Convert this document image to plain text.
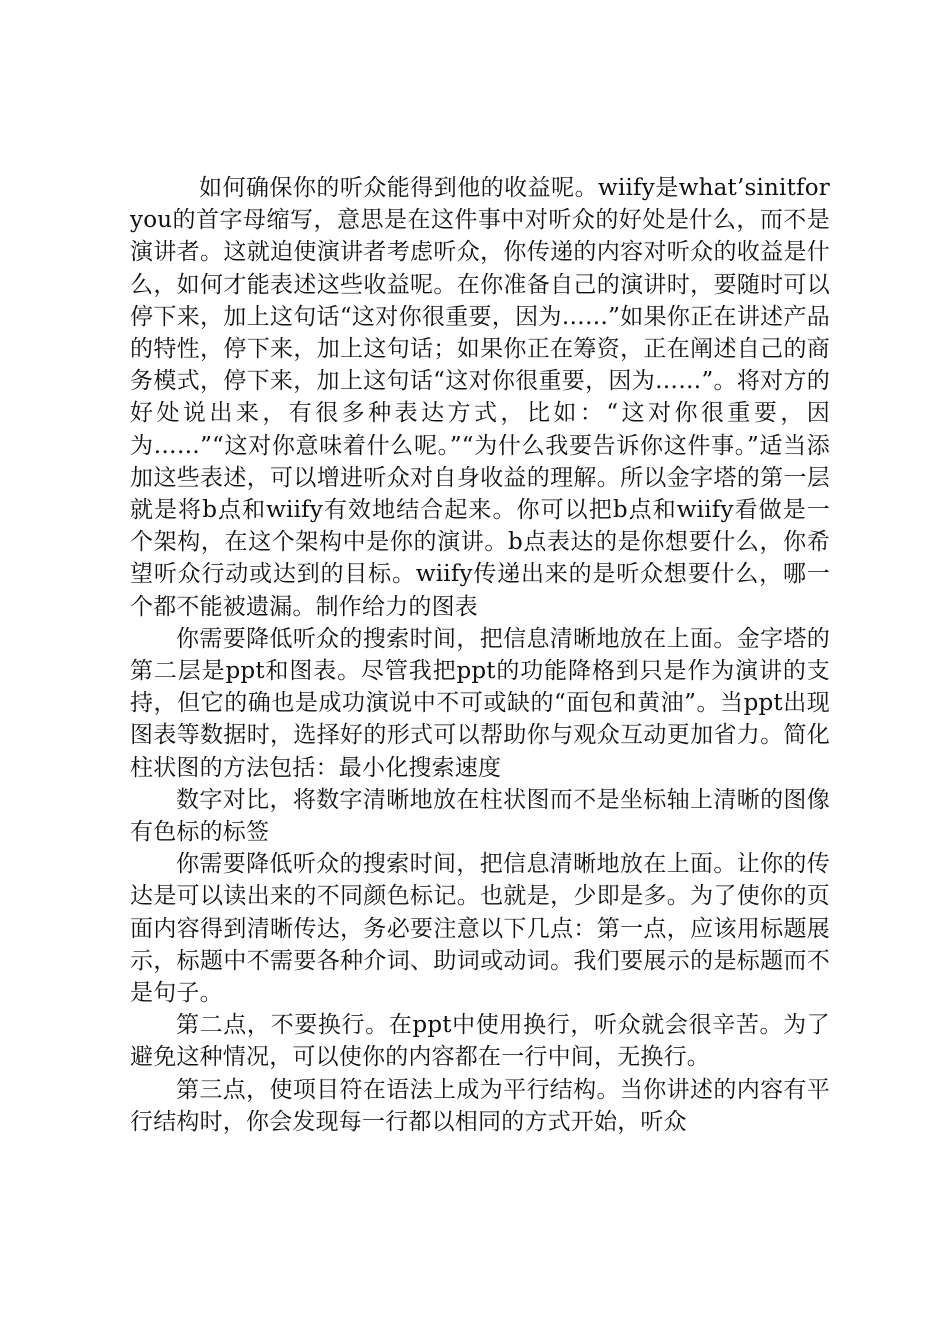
如何确保你的听众能得到他的收益呢。wiify是what’sinitforyou的首字母缩写，意思是在这件事中对听众的好处是什么，而不是演讲者。这就迫使演讲者考虑听众，你传递的内容对听众的收益是什么，如何才能表述这些收益呢。在你准备自己的演讲时，要随时可以停下来，加上这句话“这对你很重要，因为……”如果你正在讲述产品的特性，停下来，加上这句话；如果你正在筹资，正在阐述自己的商务模式，停下来，加上这句话“这对你很重要，因为……”。将对方的好处说出来，有很多种表达方式，比如：“这对你很重要，因为……”“这对你意味着什么呢。”“为什么我要告诉你这件事。”适当添加这些表述，可以增进听众对自身收益的理解。所以金字塔的第一层就是将b点和wiify有效地结合起来。你可以把b点和wiify看做是一个架构，在这个架构中是你的演讲。b点表达的是你想要什么，你希望听众行动或达到的目标。wiify传递出来的是听众想要什么，哪一个都不能被遗漏。制作给力的图表

你需要降低听众的搜索时间，把信息清晰地放在上面。金字塔的第二层是ppt和图表。尽管我把ppt的功能降格到只是作为演讲的支持，但它的确也是成功演说中不可或缺的“面包和黄油”。当ppt出现图表等数据时，选择好的形式可以帮助你与观众互动更加省力。简化柱状图的方法包括：最小化搜索速度

数字对比，将数字清晰地放在柱状图而不是坐标轴上清晰的图像有色标的标签

你需要降低听众的搜索时间，把信息清晰地放在上面。让你的传达是可以读出来的不同颜色标记。也就是，少即是多。为了使你的页面内容得到清晰传达，务必要注意以下几点：第一点，应该用标题展示，标题中不需要各种介词、助词或动词。我们要展示的是标题而不是句子。

第二点，不要换行。在ppt中使用换行，听众就会很辛苦。为了避免这种情况，可以使你的内容都在一行中间，无换行。

第三点，使项目符在语法上成为平行结构。当你讲述的内容有平行结构时，你会发现每一行都以相同的方式开始，听众
